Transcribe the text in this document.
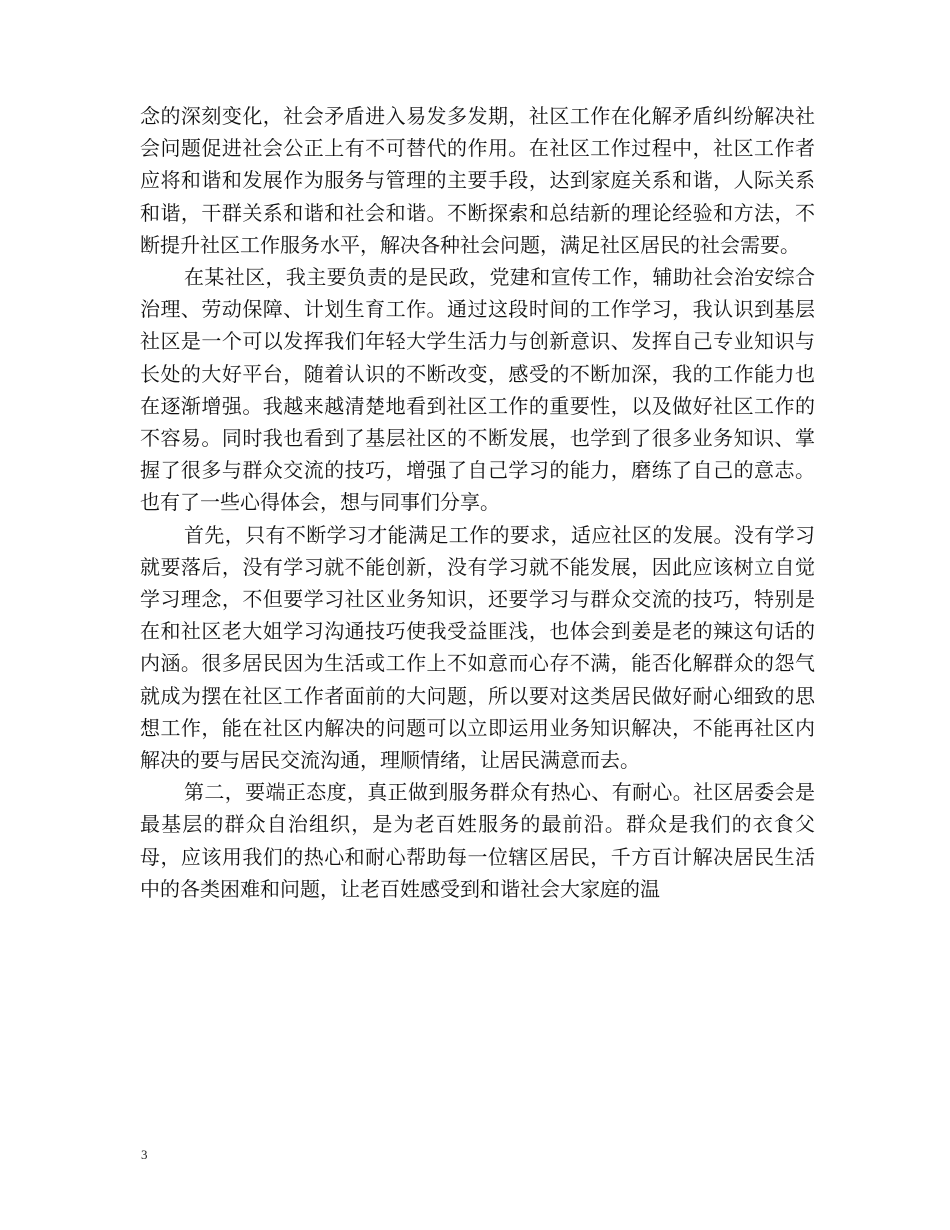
念的深刻变化，社会矛盾进入易发多发期，社区工作在化解矛盾纠纷解决社会问题促进社会公正上有不可替代的作用。在社区工作过程中，社区工作者应将和谐和发展作为服务与管理的主要手段，达到家庭关系和谐，人际关系和谐，干群关系和谐和社会和谐。不断探索和总结新的理论经验和方法，不断提升社区工作服务水平，解决各种社会问题，满足社区居民的社会需要。

在某社区，我主要负责的是民政，党建和宣传工作，辅助社会治安综合治理、劳动保障、计划生育工作。通过这段时间的工作学习，我认识到基层社区是一个可以发挥我们年轻大学生活力与创新意识、发挥自己专业知识与长处的大好平台，随着认识的不断改变，感受的不断加深，我的工作能力也在逐渐增强。我越来越清楚地看到社区工作的重要性，以及做好社区工作的不容易。同时我也看到了基层社区的不断发展，也学到了很多业务知识、掌握了很多与群众交流的技巧，增强了自己学习的能力，磨练了自己的意志。也有了一些心得体会，想与同事们分享。

首先，只有不断学习才能满足工作的要求，适应社区的发展。没有学习就要落后，没有学习就不能创新，没有学习就不能发展，因此应该树立自觉学习理念，不但要学习社区业务知识，还要学习与群众交流的技巧，特别是在和社区老大姐学习沟通技巧使我受益匪浅，也体会到姜是老的辣这句话的内涵。很多居民因为生活或工作上不如意而心存不满，能否化解群众的怨气就成为摆在社区工作者面前的大问题，所以要对这类居民做好耐心细致的思想工作，能在社区内解决的问题可以立即运用业务知识解决，不能再社区内解决的要与居民交流沟通，理顺情绪，让居民满意而去。

第二，要端正态度，真正做到服务群众有热心、有耐心。社区居委会是最基层的群众自治组织，是为老百姓服务的最前沿。群众是我们的衣食父母，应该用我们的热心和耐心帮助每一位辖区居民，千方百计解决居民生活中的各类困难和问题，让老百姓感受到和谐社会大家庭的温

3
